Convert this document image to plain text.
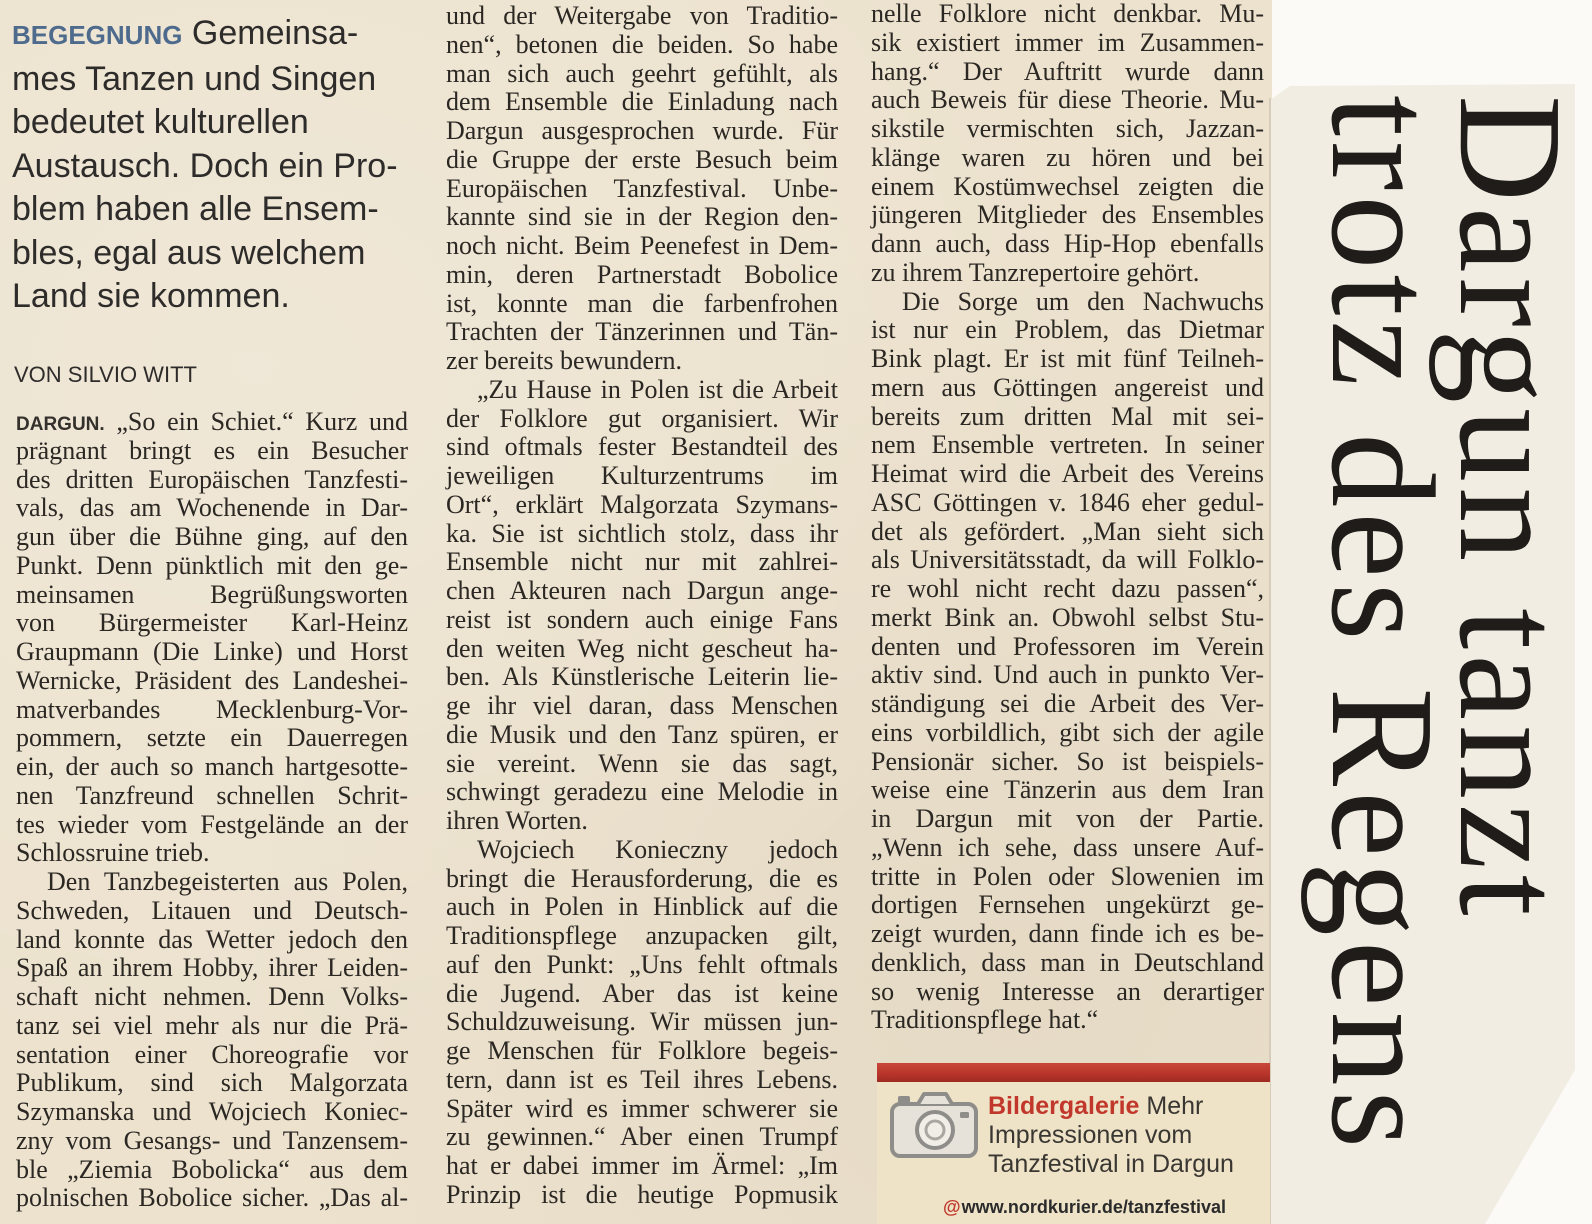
BEGEGNUNG Gemeinsa-
mes Tanzen und Singen
bedeutet kulturellen
Austausch. Doch ein Pro-
blem haben alle Ensem-
bles, egal aus welchem
Land sie kommen.
VON SILVIO WITT
DARGUN. „So ein Schiet.“ Kurz und
prägnant bringt es ein Besucher
des dritten Europäischen Tanzfesti-
vals, das am Wochenende in Dar-
gun über die Bühne ging, auf den
Punkt. Denn pünktlich mit den ge-
meinsamen Begrüßungsworten
von Bürgermeister Karl-Heinz
Graupmann (Die Linke) und Horst
Wernicke, Präsident des Landeshei-
matverbandes Mecklenburg-Vor-
pommern, setzte ein Dauerregen
ein, der auch so manch hartgesotte-
nen Tanzfreund schnellen Schrit-
tes wieder vom Festgelände an der
Schlossruine trieb.
Den Tanzbegeisterten aus Polen,
Schweden, Litauen und Deutsch-
land konnte das Wetter jedoch den
Spaß an ihrem Hobby, ihrer Leiden-
schaft nicht nehmen. Denn Volks-
tanz sei viel mehr als nur die Prä-
sentation einer Choreografie vor
Publikum, sind sich Malgorzata
Szymanska und Wojciech Koniec-
zny vom Gesangs- und Tanzensem-
ble „Ziemia Bobolicka“ aus dem
polnischen Bobolice sicher. „Das al-
und der Weitergabe von Traditio-
nen“, betonen die beiden. So habe
man sich auch geehrt gefühlt, als
dem Ensemble die Einladung nach
Dargun ausgesprochen wurde. Für
die Gruppe der erste Besuch beim
Europäischen Tanzfestival. Unbe-
kannte sind sie in der Region den-
noch nicht. Beim Peenefest in Dem-
min, deren Partnerstadt Bobolice
ist, konnte man die farbenfrohen
Trachten der Tänzerinnen und Tän-
zer bereits bewundern.
„Zu Hause in Polen ist die Arbeit
der Folklore gut organisiert. Wir
sind oftmals fester Bestandteil des
jeweiligen Kulturzentrums im
Ort“, erklärt Malgorzata Szymans-
ka. Sie ist sichtlich stolz, dass ihr
Ensemble nicht nur mit zahlrei-
chen Akteuren nach Dargun ange-
reist ist sondern auch einige Fans
den weiten Weg nicht gescheut ha-
ben. Als Künstlerische Leiterin lie-
ge ihr viel daran, dass Menschen
die Musik und den Tanz spüren, er
sie vereint. Wenn sie das sagt,
schwingt geradezu eine Melodie in
ihren Worten.
Wojciech Konieczny jedoch
bringt die Herausforderung, die es
auch in Polen in Hinblick auf die
Traditionspflege anzupacken gilt,
auf den Punkt: „Uns fehlt oftmals
die Jugend. Aber das ist keine
Schuldzuweisung. Wir müssen jun-
ge Menschen für Folklore begeis-
tern, dann ist es Teil ihres Lebens.
Später wird es immer schwerer sie
zu gewinnen.“ Aber einen Trumpf
hat er dabei immer im Ärmel: „Im
Prinzip ist die heutige Popmusik
nelle Folklore nicht denkbar. Mu-
sik existiert immer im Zusammen-
hang.“ Der Auftritt wurde dann
auch Beweis für diese Theorie. Mu-
sikstile vermischten sich, Jazzan-
klänge waren zu hören und bei
einem Kostümwechsel zeigten die
jüngeren Mitglieder des Ensembles
dann auch, dass Hip-Hop ebenfalls
zu ihrem Tanzrepertoire gehört.
Die Sorge um den Nachwuchs
ist nur ein Problem, das Dietmar
Bink plagt. Er ist mit fünf Teilneh-
mern aus Göttingen angereist und
bereits zum dritten Mal mit sei-
nem Ensemble vertreten. In seiner
Heimat wird die Arbeit des Vereins
ASC Göttingen v. 1846 eher gedul-
det als gefördert. „Man sieht sich
als Universitätsstadt, da will Folklo-
re wohl nicht recht dazu passen“,
merkt Bink an. Obwohl selbst Stu-
denten und Professoren im Verein
aktiv sind. Und auch in punkto Ver-
ständigung sei die Arbeit des Ver-
eins vorbildlich, gibt sich der agile
Pensionär sicher. So ist beispiels-
weise eine Tänzerin aus dem Iran
in Dargun mit von der Partie.
„Wenn ich sehe, dass unsere Auf-
tritte in Polen oder Slowenien im
dortigen Fernsehen ungekürzt ge-
zeigt wurden, dann finde ich es be-
denklich, dass man in Deutschland
so wenig Interesse an derartiger
Traditionspflege hat.“
Dargun tanzt
trotz des Regens
Bildergalerie Mehr
Impressionen vom
Tanzfestival in Dargun
@www.nordkurier.de/tanzfestival
